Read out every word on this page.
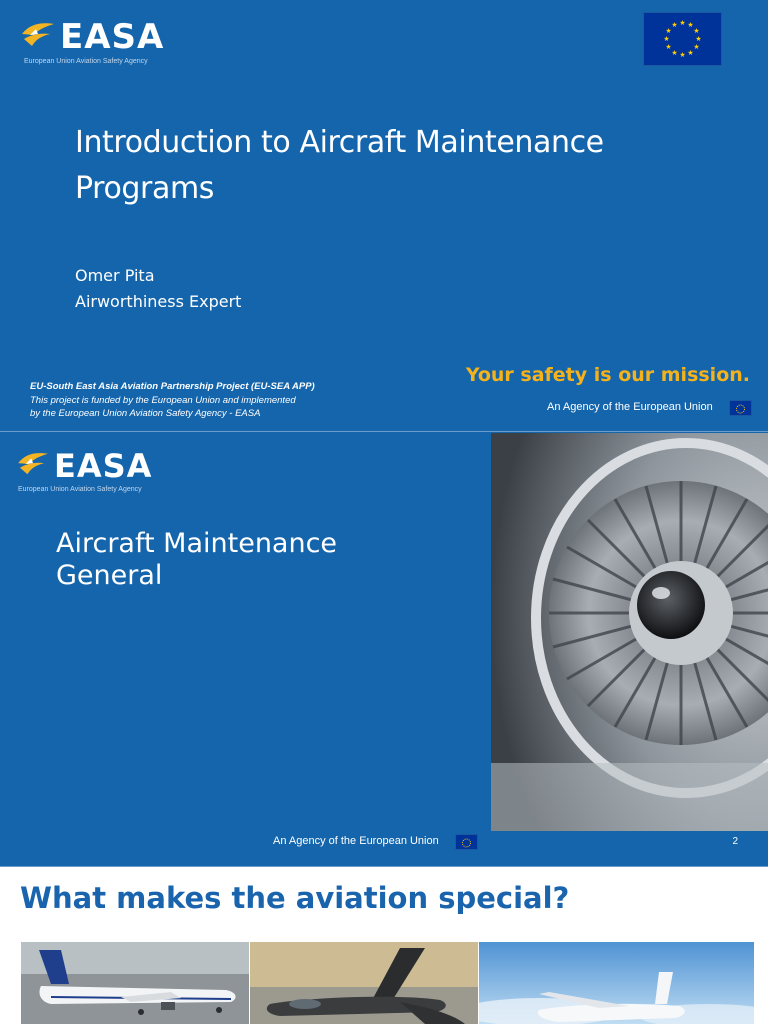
EASA
European Union Aviation Safety Agency
★ ★
★
★
★
★
★
★
★
★
★
★
Introduction to Aircraft Maintenance
Programs
Omer Pita
Airworthiness Expert
EU-South East Asia Aviation Partnership Project (EU-SEA APP)
This project is funded by the European Union and implemented
by the European Union Aviation Safety Agency - EASA
Your safety is our mission.
An Agency of the European Union
EASA
European Union Aviation Safety Agency
Aircraft Maintenance
General
An Agency of the European Union	2
What makes the aviation special?
